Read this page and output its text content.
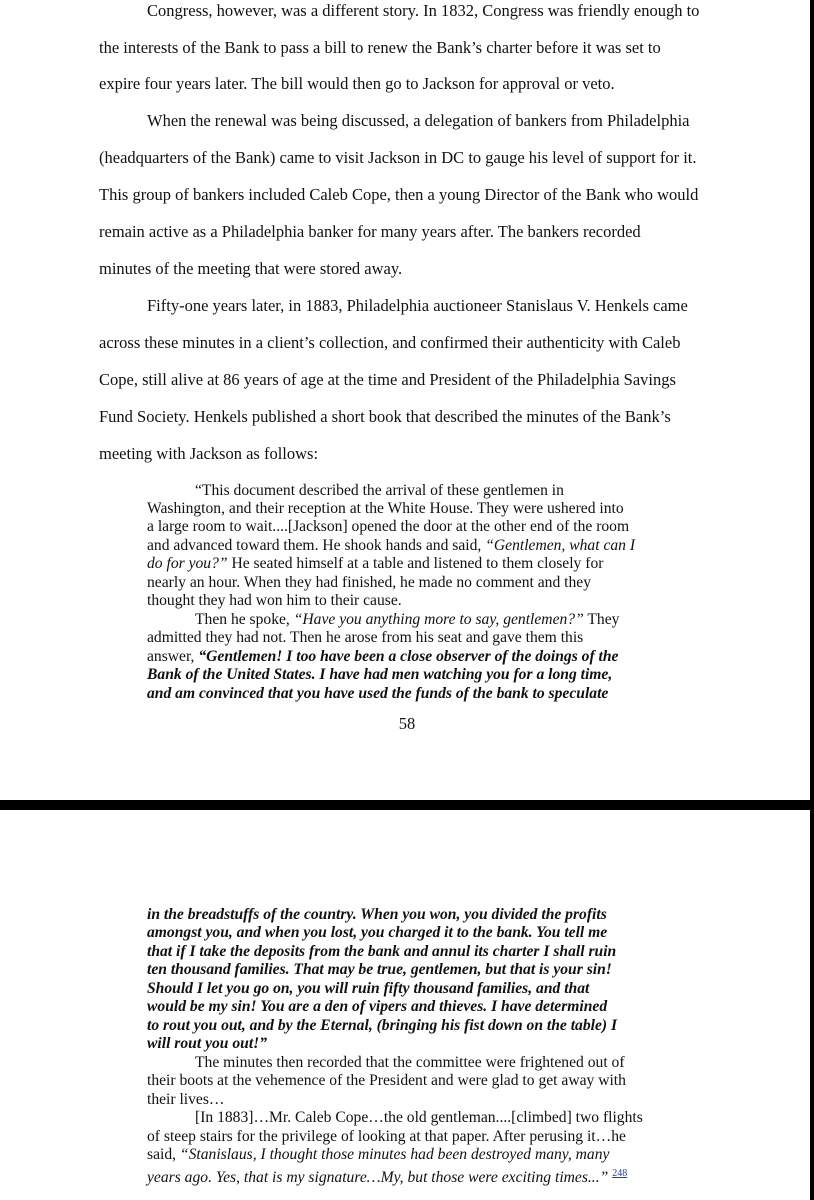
Congress, however, was a different story. In 1832, Congress was friendly enough to
the interests of the Bank to pass a bill to renew the Bank’s charter before it was set to
expire four years later. The bill would then go to Jackson for approval or veto.
When the renewal was being discussed, a delegation of bankers from Philadelphia
(headquarters of the Bank) came to visit Jackson in DC to gauge his level of support for it.
This group of bankers included Caleb Cope, then a young Director of the Bank who would
remain active as a Philadelphia banker for many years after. The bankers recorded
minutes of the meeting that were stored away.
Fifty-one years later, in 1883, Philadelphia auctioneer Stanislaus V. Henkels came
across these minutes in a client’s collection, and confirmed their authenticity with Caleb
Cope, still alive at 86 years of age at the time and President of the Philadelphia Savings
Fund Society. Henkels published a short book that described the minutes of the Bank’s
meeting with Jackson as follows:
“This document described the arrival of these gentlemen in
Washington, and their reception at the White House. They were ushered into
a large room to wait....[Jackson] opened the door at the other end of the room
and advanced toward them. He shook hands and said, “Gentlemen, what can I
do for you?” He seated himself at a table and listened to them closely for
nearly an hour. When they had finished, he made no comment and they
thought they had won him to their cause.
Then he spoke, “Have you anything more to say, gentlemen?” They
admitted they had not. Then he arose from his seat and gave them this
answer, “Gentlemen! I too have been a close observer of the doings of the
Bank of the United States. I have had men watching you for a long time,
and am convinced that you have used the funds of the bank to speculate
58
in the breadstuffs of the country. When you won, you divided the profits
amongst you, and when you lost, you charged it to the bank. You tell me
that if I take the deposits from the bank and annul its charter I shall ruin
ten thousand families. That may be true, gentlemen, but that is your sin!
Should I let you go on, you will ruin fifty thousand families, and that
would be my sin! You are a den of vipers and thieves. I have determined
to rout you out, and by the Eternal, (bringing his fist down on the table) I
will rout you out!”
The minutes then recorded that the committee were frightened out of
their boots at the vehemence of the President and were glad to get away with
their lives…
[In 1883]…Mr. Caleb Cope…the old gentleman....[climbed] two flights
of steep stairs for the privilege of looking at that paper. After perusing it…he
said, “Stanislaus, I thought those minutes had been destroyed many, many
years ago. Yes, that is my signature…My, but those were exciting times...” $^{248}$
